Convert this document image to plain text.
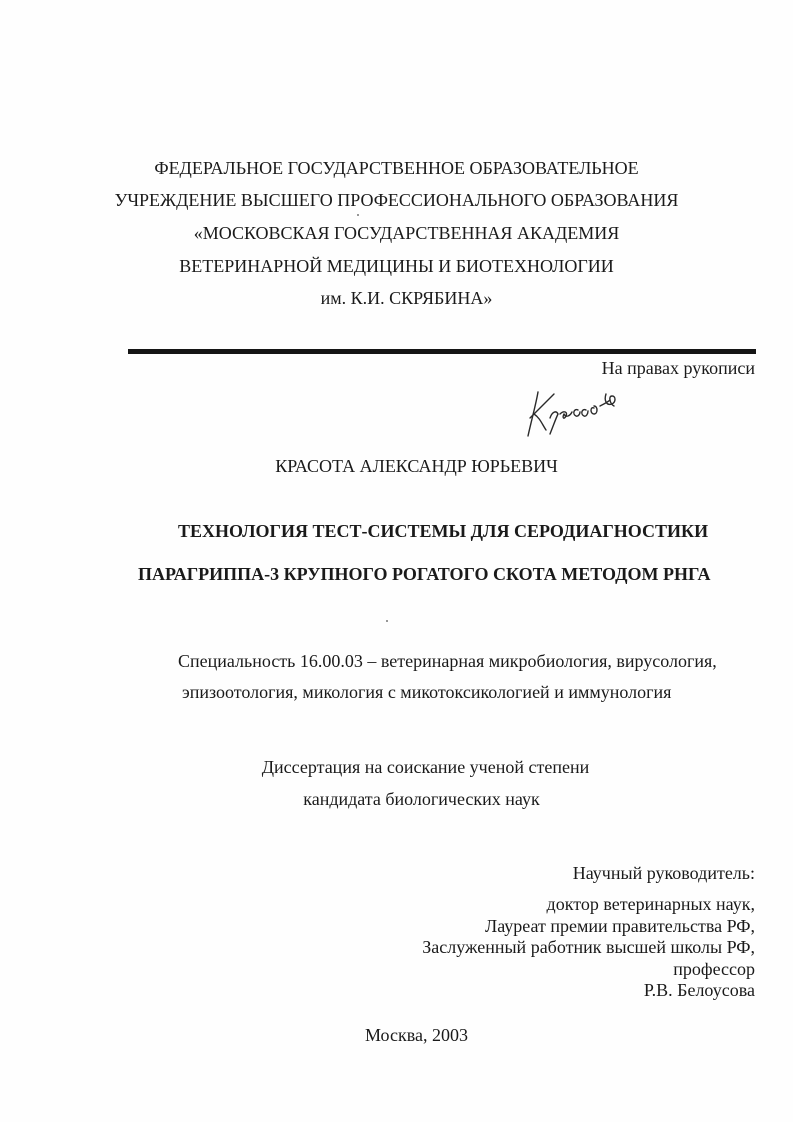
ФЕДЕРАЛЬНОЕ ГОСУДАРСТВЕННОЕ ОБРАЗОВАТЕЛЬНОЕ
УЧРЕЖДЕНИЕ ВЫСШЕГО ПРОФЕССИОНАЛЬНОГО ОБРАЗОВАНИЯ
«МОСКОВСКАЯ ГОСУДАРСТВЕННАЯ АКАДЕМИЯ
ВЕТЕРИНАРНОЙ МЕДИЦИНЫ И БИОТЕХНОЛОГИИ
им. К.И. СКРЯБИНА»
На правах рукописи
КРАСОТА АЛЕКСАНДР ЮРЬЕВИЧ
ТЕХНОЛОГИЯ ТЕСТ-СИСТЕМЫ ДЛЯ СЕРОДИАГНОСТИКИ
ПАРАГРИППА-3 КРУПНОГО РОГАТОГО СКОТА МЕТОДОМ РНГА
Специальность 16.00.03 – ветеринарная микробиология, вирусология,
эпизоотология, микология с микотоксикологией и иммунология
Диссертация на соискание ученой степени
кандидата биологических наук
Научный руководитель:
доктор ветеринарных наук,
Лауреат премии правительства РФ,
Заслуженный работник высшей школы РФ,
профессор
Р.В. Белоусова
Москва, 2003
